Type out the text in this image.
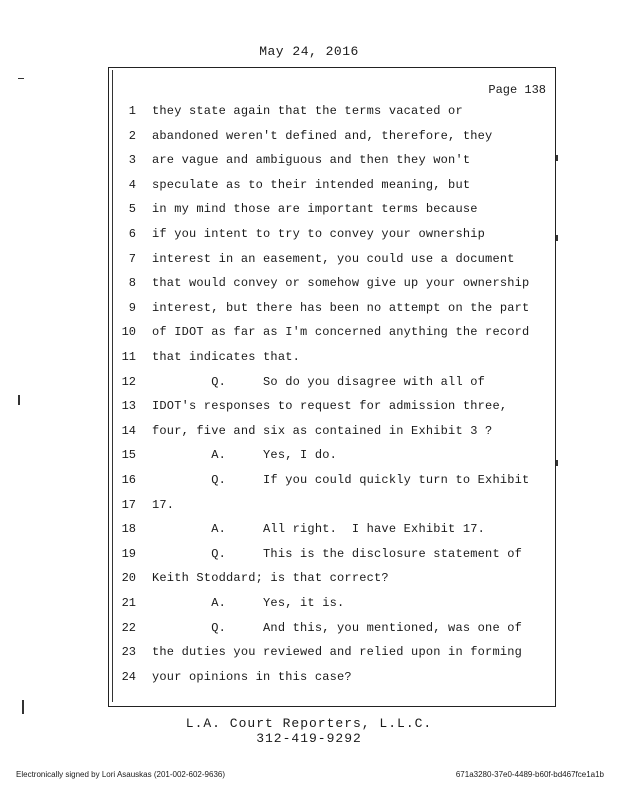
May 24, 2016
Page 138
1 they state again that the terms vacated or
2 abandoned weren't defined and, therefore, they
3 are vague and ambiguous and then they won't
4 speculate as to their intended meaning, but
5 in my mind those are important terms because
6 if you intent to try to convey your ownership
7 interest in an easement, you could use a document
8 that would convey or somehow give up your ownership
9 interest, but there has been no attempt on the part
10 of IDOT as far as I'm concerned anything the record
11 that indicates that.
12 Q.     So do you disagree with all of
13 IDOT's responses to request for admission three,
14 four, five and six as contained in Exhibit 3 ?
15 A.     Yes, I do.
16 Q.     If you could quickly turn to Exhibit
17 17.
18 A.     All right.  I have Exhibit 17.
19 Q.     This is the disclosure statement of
20 Keith Stoddard; is that correct?
21 A.     Yes, it is.
22 Q.     And this, you mentioned, was one of
23 the duties you reviewed and relied upon in forming
24 your opinions in this case?
L.A. Court Reporters, L.L.C.
312-419-9292
Electronically signed by Lori Asauskas (201-002-602-9636)	671a3280-37e0-4489-b60f-bd467fce1a1b
